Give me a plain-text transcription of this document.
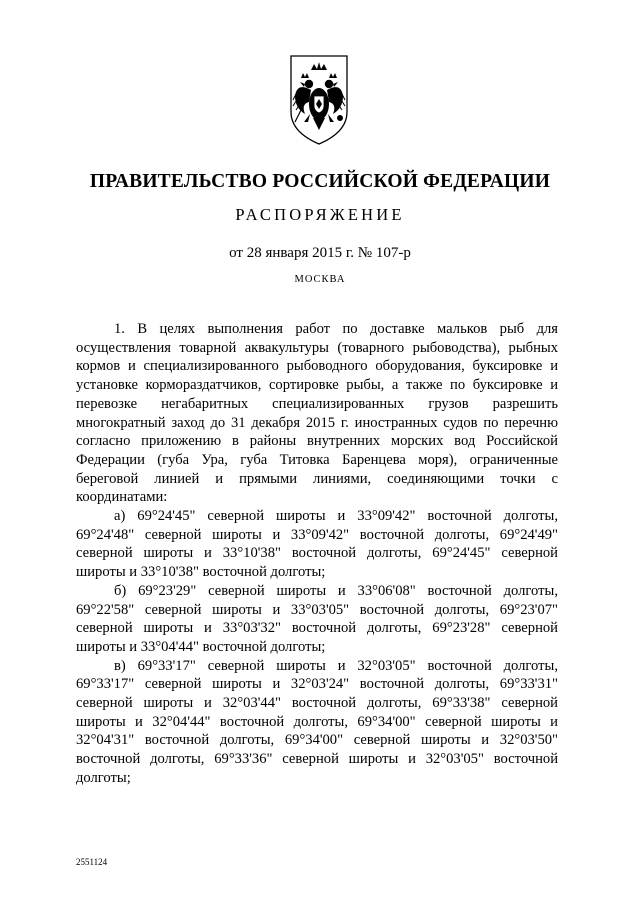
ПРАВИТЕЛЬСТВО РОССИЙСКОЙ ФЕДЕРАЦИИ
РАСПОРЯЖЕНИЕ
от 28 января 2015 г. № 107-р
МОСКВА

1. В целях выполнения работ по доставке мальков рыб для осуществления товарной аквакультуры (товарного рыбоводства), рыбных кормов и специализированного рыбоводного оборудования, буксировке и установке кормораздатчиков, сортировке рыбы, а также по буксировке и перевозке негабаритных специализированных грузов разрешить многократный заход до 31 декабря 2015 г. иностранных судов по перечню согласно приложению в районы внутренних морских вод Российской Федерации (губа Ура, губа Титовка Баренцева моря), ограниченные береговой линией и прямыми линиями, соединяющими точки с координатами:

а) 69°24'45" северной широты и 33°09'42" восточной долготы, 69°24'48" северной широты и 33°09'42" восточной долготы, 69°24'49" северной широты и 33°10'38" восточной долготы, 69°24'45" северной широты и 33°10'38" восточной долготы;

б) 69°23'29" северной широты и 33°06'08" восточной долготы, 69°22'58" северной широты и 33°03'05" восточной долготы, 69°23'07" северной широты и 33°03'32" восточной долготы, 69°23'28" северной широты и 33°04'44" восточной долготы;

в) 69°33'17" северной широты и 32°03'05" восточной долготы, 69°33'17" северной широты и 32°03'24" восточной долготы, 69°33'31" северной широты и 32°03'44" восточной долготы, 69°33'38" северной широты и 32°04'44" восточной долготы, 69°34'00" северной широты и 32°04'31" восточной долготы, 69°34'00" северной широты и 32°03'50" восточной долготы, 69°33'36" северной широты и 32°03'05" восточной долготы;

2551124
